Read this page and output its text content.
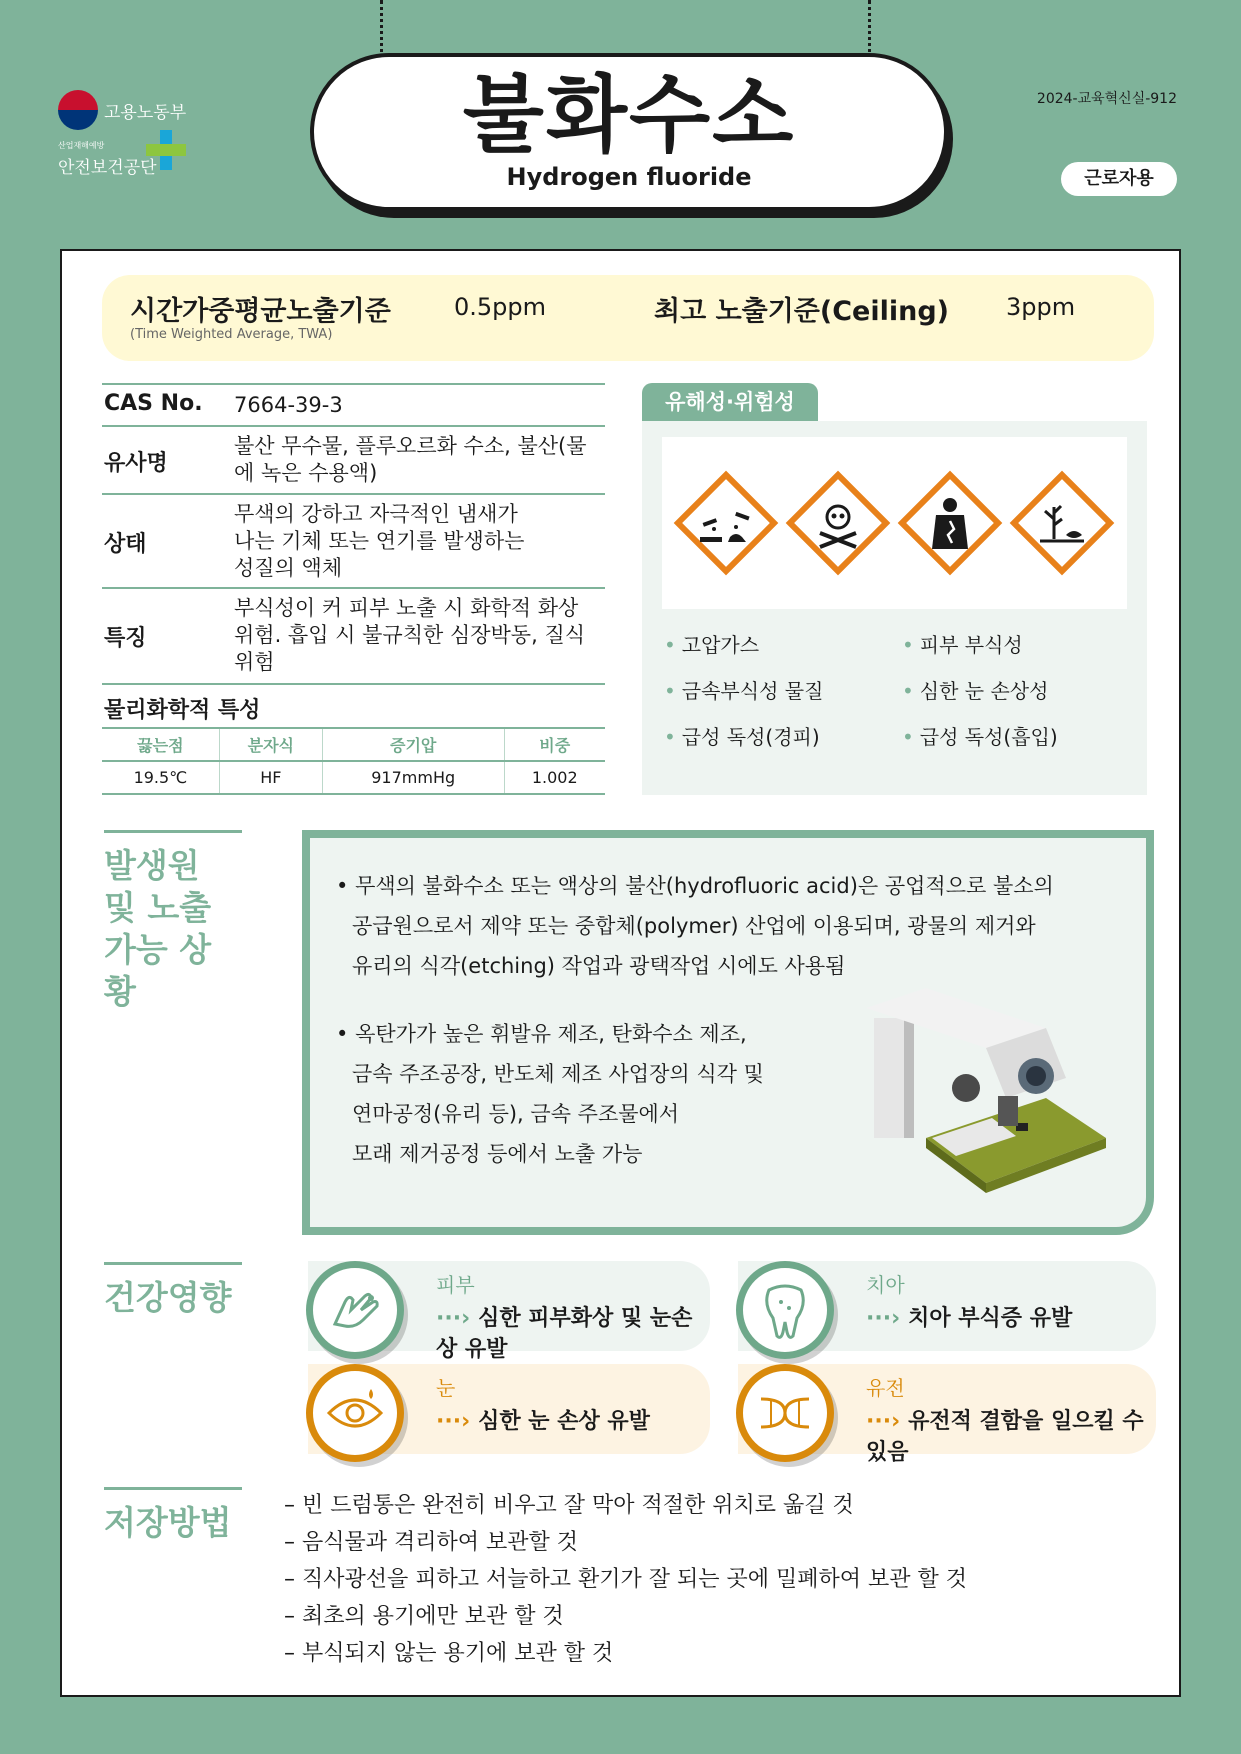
고용노동부
산업재해예방
안전보건공단
불화수소
Hydrogen fluoride
2024-교육혁신실-912
근로자용
시간가중평균노출기준
(Time Weighted Average, TWA)
0.5ppm	최고 노출기준(Ceiling) 3ppm
CAS No. 7664-39-3
유사명
불산 무수물, 플루오르화 수소, 불산(물에 녹은 수용액)
상태
무색의 강하고 자극적인 냄새가 나는 기체 또는 연기를 발생하는 성질의 액체
특징
부식성이 커 피부 노출 시 화학적 화상 위험. 흡입 시 불규칙한 심장박동, 질식 위험
물리화학적 특성
끓는점	분자식	증기압	비중
19.5℃	HF	917mmHg	1.002
유해성·위험성
• 고압가스	• 피부 부식성
• 금속부식성 물질	• 심한 눈 손상성
• 급성 독성(경피)	• 급성 독성(흡입)
발생원 및 노출가능 상황
• 무색의 불화수소 또는 액상의 불산(hydrofluoric acid)은 공업적으로 불소의
공급원으로서 제약 또는 중합체(polymer) 산업에 이용되며, 광물의 제거와
유리의 식각(etching) 작업과 광택작업 시에도 사용됨
• 옥탄가가 높은 휘발유 제조, 탄화수소 제조,
금속 주조공장, 반도체 제조 사업장의 식각 및
연마공정(유리 등), 금속 주조물에서
모래 제거공정 등에서 노출 가능
건강영향	피부
···› 심한 피부화상 및 눈손상 유발
치아
···› 치아 부식증 유발
눈
···› 심한 눈 손상 유발
유전
···› 유전적 결함을 일으킬 수 있음
저장방법	– 빈 드럼통은 완전히 비우고 잘 막아 적절한 위치로 옮길 것
– 음식물과 격리하여 보관할 것
– 직사광선을 피하고 서늘하고 환기가 잘 되는 곳에 밀폐하여 보관 할 것
– 최초의 용기에만 보관 할 것
– 부식되지 않는 용기에 보관 할 것
